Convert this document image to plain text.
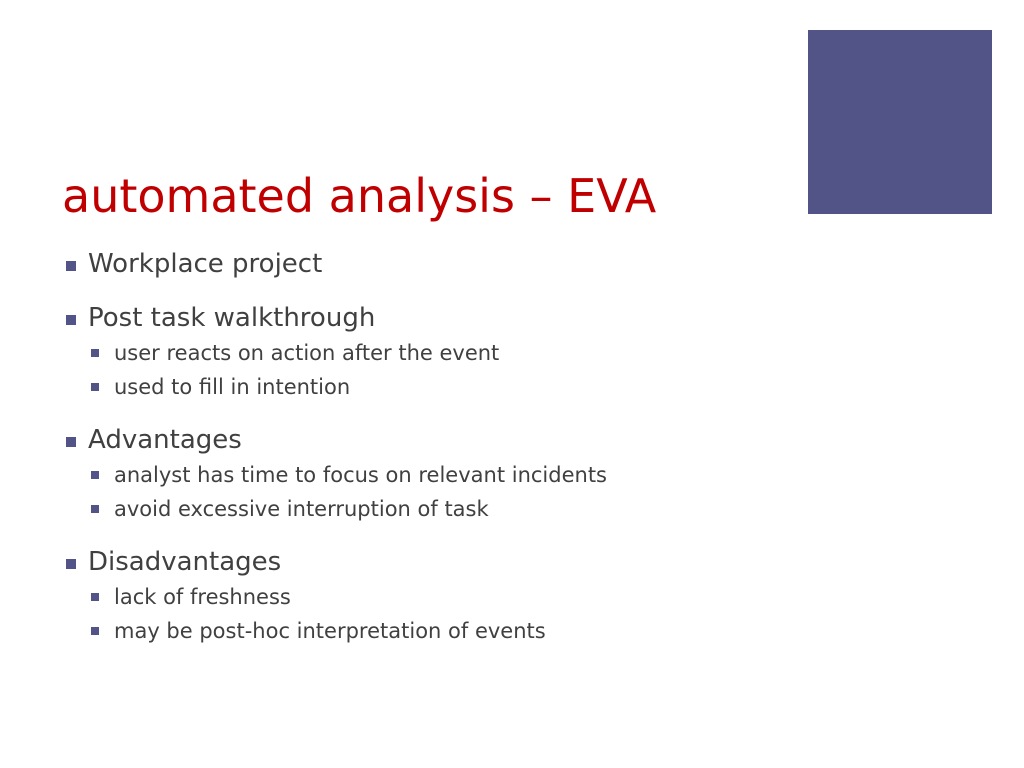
automated analysis – EVA
Workplace project
Post task walkthrough
user reacts on action after the event
used to fill in intention
Advantages
analyst has time to focus on relevant incidents
avoid excessive interruption of task
Disadvantages
lack of freshness
may be post-hoc interpretation of events
